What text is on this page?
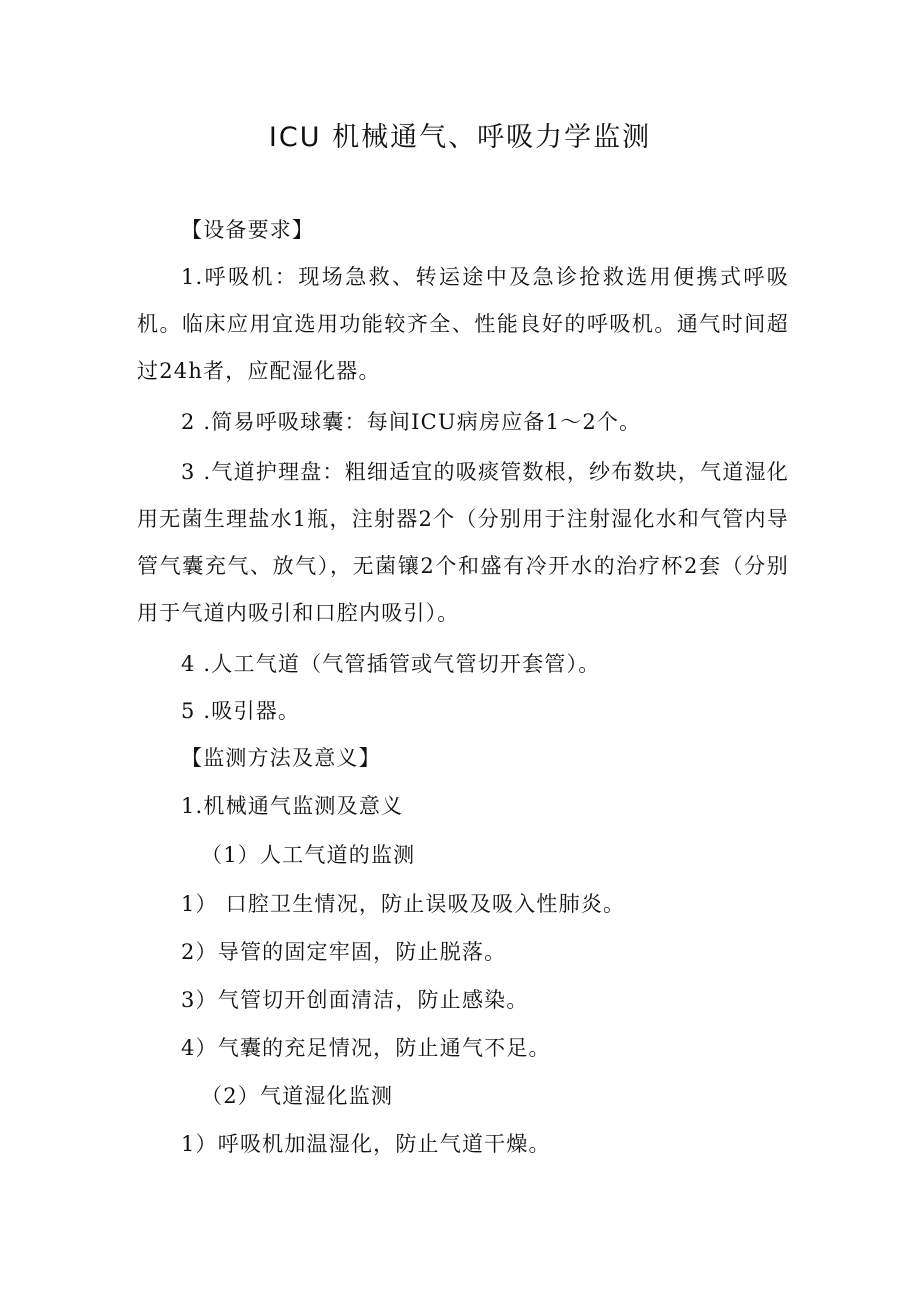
ICU 机械通气、呼吸力学监测
【设备要求】
1.呼吸机：现场急救、转运途中及急诊抢救选用便携式呼吸机。临床应用宜选用功能较齐全、性能良好的呼吸机。通气时间超过24h者，应配湿化器。
2 .简易呼吸球囊：每间ICU病房应备1〜2个。
3 .气道护理盘：粗细适宜的吸痰管数根，纱布数块，气道湿化用无菌生理盐水1瓶，注射器2个（分别用于注射湿化水和气管内导管气囊充气、放气），无菌镶2个和盛有冷开水的治疗杯2套（分别用于气道内吸引和口腔内吸引）。
4 .人工气道（气管插管或气管切开套管）。
5 .吸引器。
【监测方法及意义】
1.机械通气监测及意义
（1）人工气道的监测
1） 口腔卫生情况，防止误吸及吸入性肺炎。
2）导管的固定牢固，防止脱落。
3）气管切开创面清洁，防止感染。
4）气囊的充足情况，防止通气不足。
（2）气道湿化监测
1）呼吸机加温湿化，防止气道干燥。
